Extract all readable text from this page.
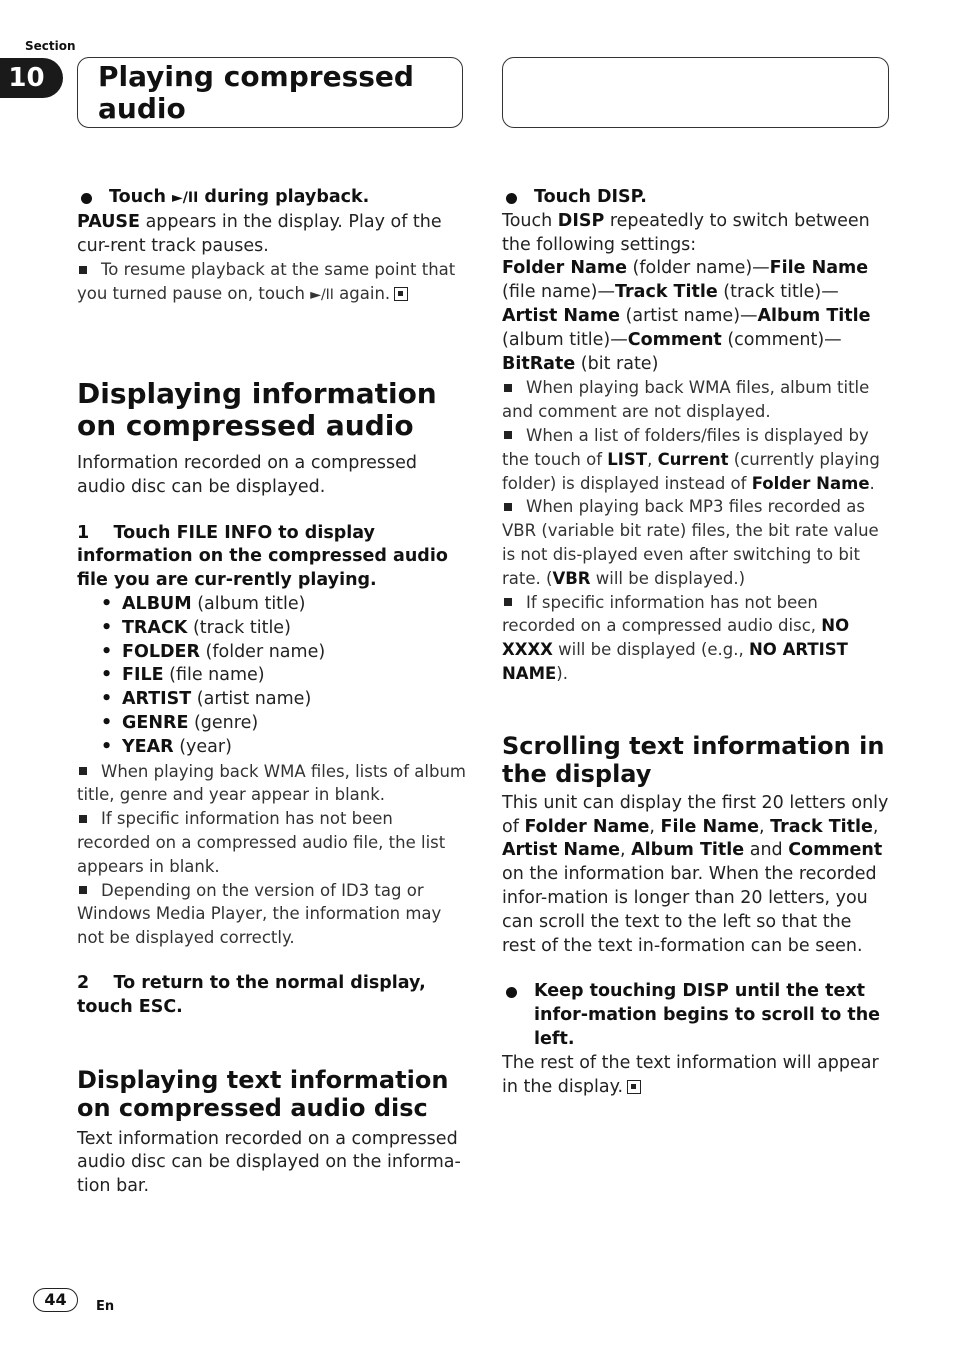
Section
10	Playing compressed audio

Touch ►/II during playback.

PAUSE appears in the display. Play of the cur-rent track pauses.

To resume playback at the same point that you turned pause on, touch ►/II again.

Displaying information on compressed audio

Information recorded on a compressed audio disc can be displayed.

1    Touch FILE INFO to display information on the compressed audio file you are cur-rently playing.

• ALBUM (album title)
• TRACK (track title)
• FOLDER (folder name)
• FILE (file name)
• ARTIST (artist name)
• GENRE (genre)
• YEAR (year)

When playing back WMA files, lists of album title, genre and year appear in blank.

If specific information has not been recorded on a compressed audio file, the list appears in blank.

Depending on the version of ID3 tag or Windows Media Player, the information may not be displayed correctly.

2    To return to the normal display, touch ESC.

Displaying text information on compressed audio disc

Text information recorded on a compressed audio disc can be displayed on the informa-tion bar.

Touch DISP.

Touch DISP repeatedly to switch between the following settings:

Folder Name (folder name)—File Name (file name)—Track Title (track title)—Artist Name (artist name)—Album Title (album title)—Comment (comment)—BitRate (bit rate)

When playing back WMA files, album title and comment are not displayed.

When a list of folders/files is displayed by the touch of LIST, Current (currently playing folder) is displayed instead of Folder Name.

When playing back MP3 files recorded as VBR (variable bit rate) files, the bit rate value is not dis-played even after switching to bit rate. (VBR will be displayed.)

If specific information has not been recorded on a compressed audio disc, NO XXXX will be displayed (e.g., NO ARTIST NAME).

Scrolling text information in the display

This unit can display the first 20 letters only of Folder Name, File Name, Track Title, Artist Name, Album Title and Comment on the information bar. When the recorded infor-mation is longer than 20 letters, you can scroll the text to the left so that the rest of the text in-formation can be seen.

Keep touching DISP until the text infor-mation begins to scroll to the left.

The rest of the text information will appear in the display.

44	En
